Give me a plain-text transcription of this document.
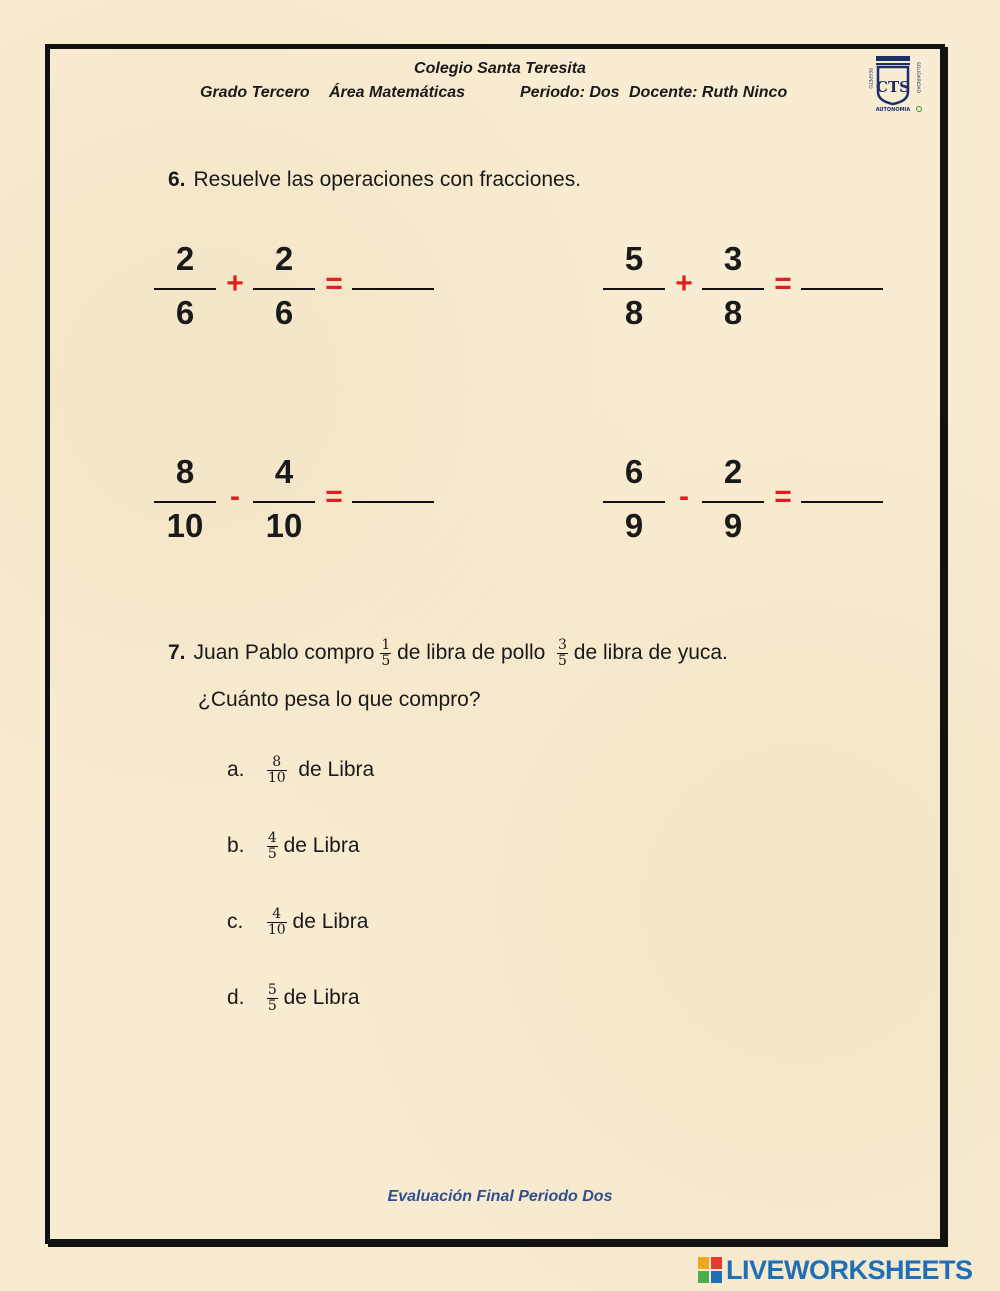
Colegio Santa Teresita
Grado Tercero Área Matemáticas	Periodo: Dos Docente: Ruth Ninco	CTS
RESPETO	SOLIDARIDAD
AUTONOMIA
6. Resuelve las operaciones con fracciones.
2
6
+
2
6
=
5
8
+
3
8
=
8
10
-
4
10
=
6
9
-
2
9
=
7. Juan Pablo compro $\frac{1}{5}$ de libra de pollo $\frac{3}{5}$ de libra de yuca.
¿Cuánto pesa lo que compro?
a. $\frac{8}{10}$ de Libra
b. $\frac{4}{5}$ de Libra
c. $\frac{4}{10}$ de Libra
d. $\frac{5}{5}$ de Libra
Evaluación Final Periodo Dos
LIVEWORKSHEETS
